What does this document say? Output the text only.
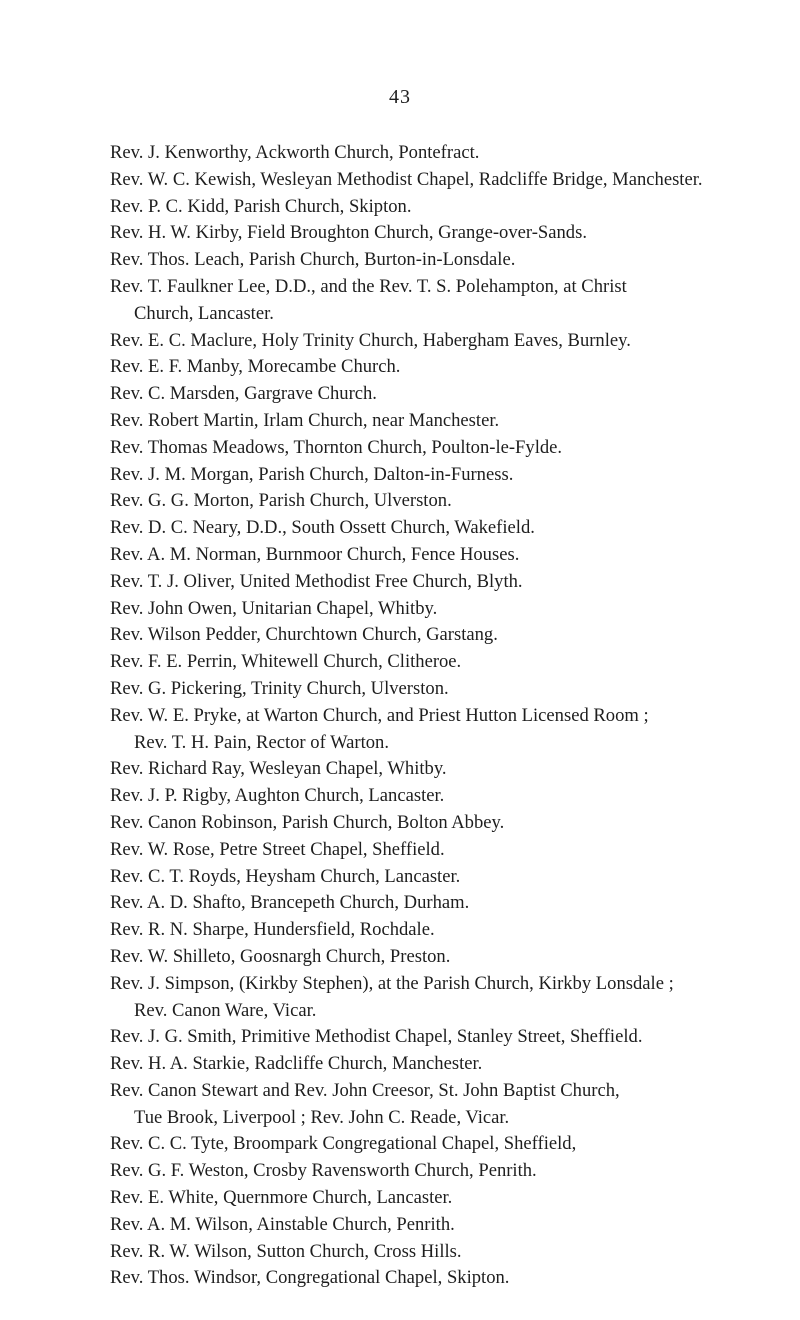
43
Rev. J. Kenworthy, Ackworth Church, Pontefract.
Rev. W. C. Kewish, Wesleyan Methodist Chapel, Radcliffe Bridge, Manchester.
Rev. P. C. Kidd, Parish Church, Skipton.
Rev. H. W. Kirby, Field Broughton Church, Grange-over-Sands.
Rev. Thos. Leach, Parish Church, Burton-in-Lonsdale.
Rev. T. Faulkner Lee, D.D., and the Rev. T. S. Polehampton, at Christ
Church, Lancaster.
Rev. E. C. Maclure, Holy Trinity Church, Habergham Eaves, Burnley.
Rev. E. F. Manby, Morecambe Church.
Rev. C. Marsden, Gargrave Church.
Rev. Robert Martin, Irlam Church, near Manchester.
Rev. Thomas Meadows, Thornton Church, Poulton-le-Fylde.
Rev. J. M. Morgan, Parish Church, Dalton-in-Furness.
Rev. G. G. Morton, Parish Church, Ulverston.
Rev. D. C. Neary, D.D., South Ossett Church, Wakefield.
Rev. A. M. Norman, Burnmoor Church, Fence Houses.
Rev. T. J. Oliver, United Methodist Free Church, Blyth.
Rev. John Owen, Unitarian Chapel, Whitby.
Rev. Wilson Pedder, Churchtown Church, Garstang.
Rev. F. E. Perrin, Whitewell Church, Clitheroe.
Rev. G. Pickering, Trinity Church, Ulverston.
Rev. W. E. Pryke, at Warton Church, and Priest Hutton Licensed Room ;
Rev. T. H. Pain, Rector of Warton.
Rev. Richard Ray, Wesleyan Chapel, Whitby.
Rev. J. P. Rigby, Aughton Church, Lancaster.
Rev. Canon Robinson, Parish Church, Bolton Abbey.
Rev. W. Rose, Petre Street Chapel, Sheffield.
Rev. C. T. Royds, Heysham Church, Lancaster.
Rev. A. D. Shafto, Brancepeth Church, Durham.
Rev. R. N. Sharpe, Hundersfield, Rochdale.
Rev. W. Shilleto, Goosnargh Church, Preston.
Rev. J. Simpson, (Kirkby Stephen), at the Parish Church, Kirkby Lonsdale ;
Rev. Canon Ware, Vicar.
Rev. J. G. Smith, Primitive Methodist Chapel, Stanley Street, Sheffield.
Rev. H. A. Starkie, Radcliffe Church, Manchester.
Rev. Canon Stewart and Rev. John Creesor, St. John Baptist Church,
Tue Brook, Liverpool ; Rev. John C. Reade, Vicar.
Rev. C. C. Tyte, Broompark Congregational Chapel, Sheffield,
Rev. G. F. Weston, Crosby Ravensworth Church, Penrith.
Rev. E. White, Quernmore Church, Lancaster.
Rev. A. M. Wilson, Ainstable Church, Penrith.
Rev. R. W. Wilson, Sutton Church, Cross Hills.
Rev. Thos. Windsor, Congregational Chapel, Skipton.
